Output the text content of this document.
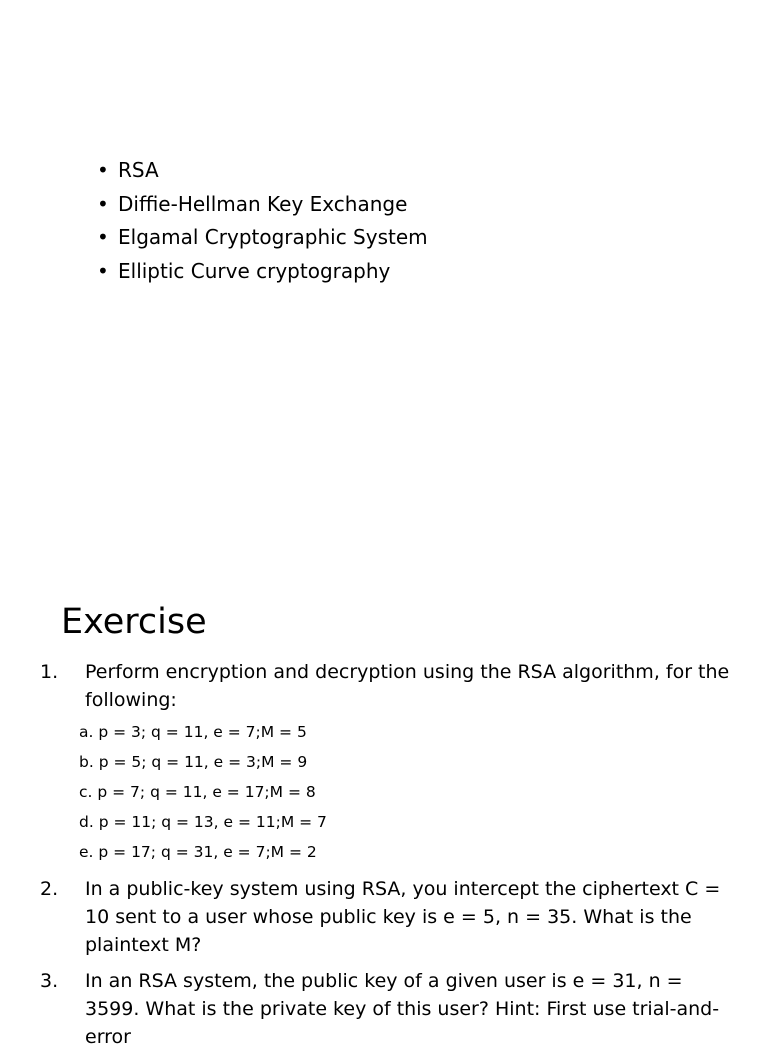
• RSA
• Diffie-Hellman Key Exchange
• Elgamal Cryptographic System
• Elliptic Curve cryptography
Exercise
1. Perform encryption and decryption using the RSA algorithm, for the following:
a. p = 3; q = 11, e = 7;M = 5
b. p = 5; q = 11, e = 3;M = 9
c. p = 7; q = 11, e = 17;M = 8
d. p = 11; q = 13, e = 11;M = 7
e. p = 17; q = 31, e = 7;M = 2
2. In a public-key system using RSA, you intercept the ciphertext C = 10 sent to a user whose public key is e = 5, n = 35. What is the plaintext M?
3. In an RSA system, the public key of a given user is e = 31, n = 3599. What is the private key of this user? Hint: First use trial-and-error
